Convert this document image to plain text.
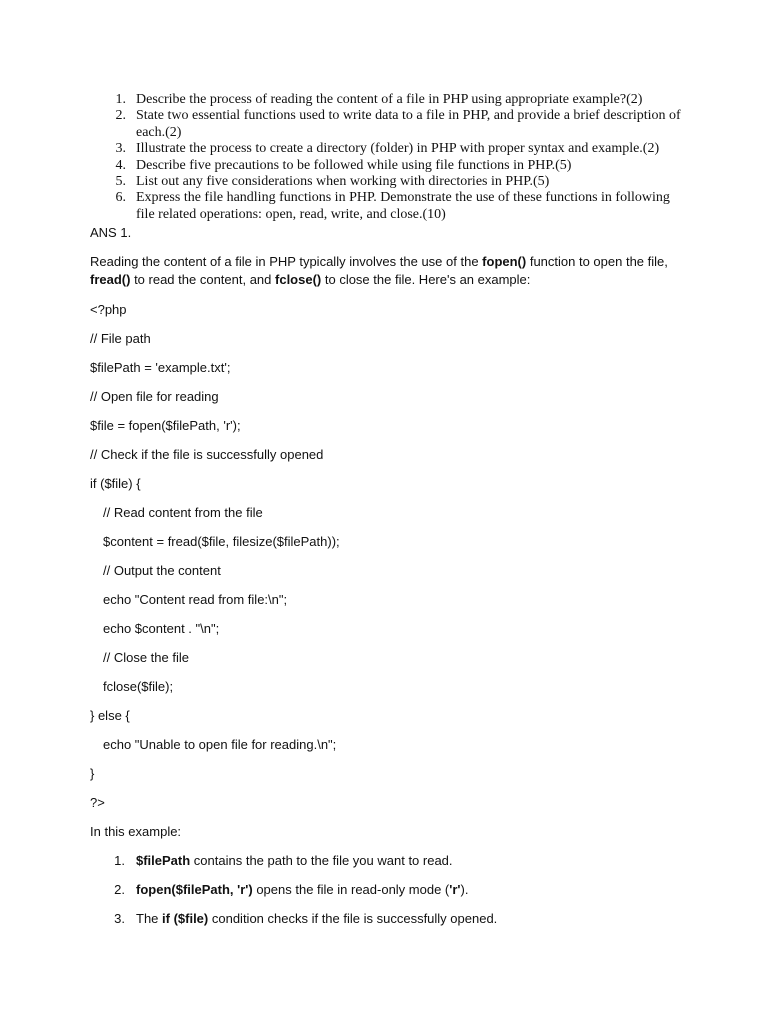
1. Describe the process of reading the content of a file in PHP using appropriate example?(2)
2. State two essential functions used to write data to a file in PHP, and provide a brief description of each.(2)
3. Illustrate the process to create a directory (folder) in PHP with proper syntax and example.(2)
4. Describe five precautions to be followed while using file functions in PHP.(5)
5. List out any five considerations when working with directories in PHP.(5)
6. Express the file handling functions in PHP. Demonstrate the use of these functions in following file related operations: open, read, write, and close.(10)
ANS 1.
Reading the content of a file in PHP typically involves the use of the fopen() function to open the file, fread() to read the content, and fclose() to close the file. Here's an example:
<?php
// File path
$filePath = 'example.txt';
// Open file for reading
$file = fopen($filePath, 'r');
// Check if the file is successfully opened
if ($file) {
// Read content from the file
$content = fread($file, filesize($filePath));
// Output the content
echo "Content read from file:\n";
echo $content . "\n";
// Close the file
fclose($file);
} else {
echo "Unable to open file for reading.\n";
}
?>
In this example:
1. $filePath contains the path to the file you want to read.
2. fopen($filePath, 'r') opens the file in read-only mode ('r').
3. The if ($file) condition checks if the file is successfully opened.
